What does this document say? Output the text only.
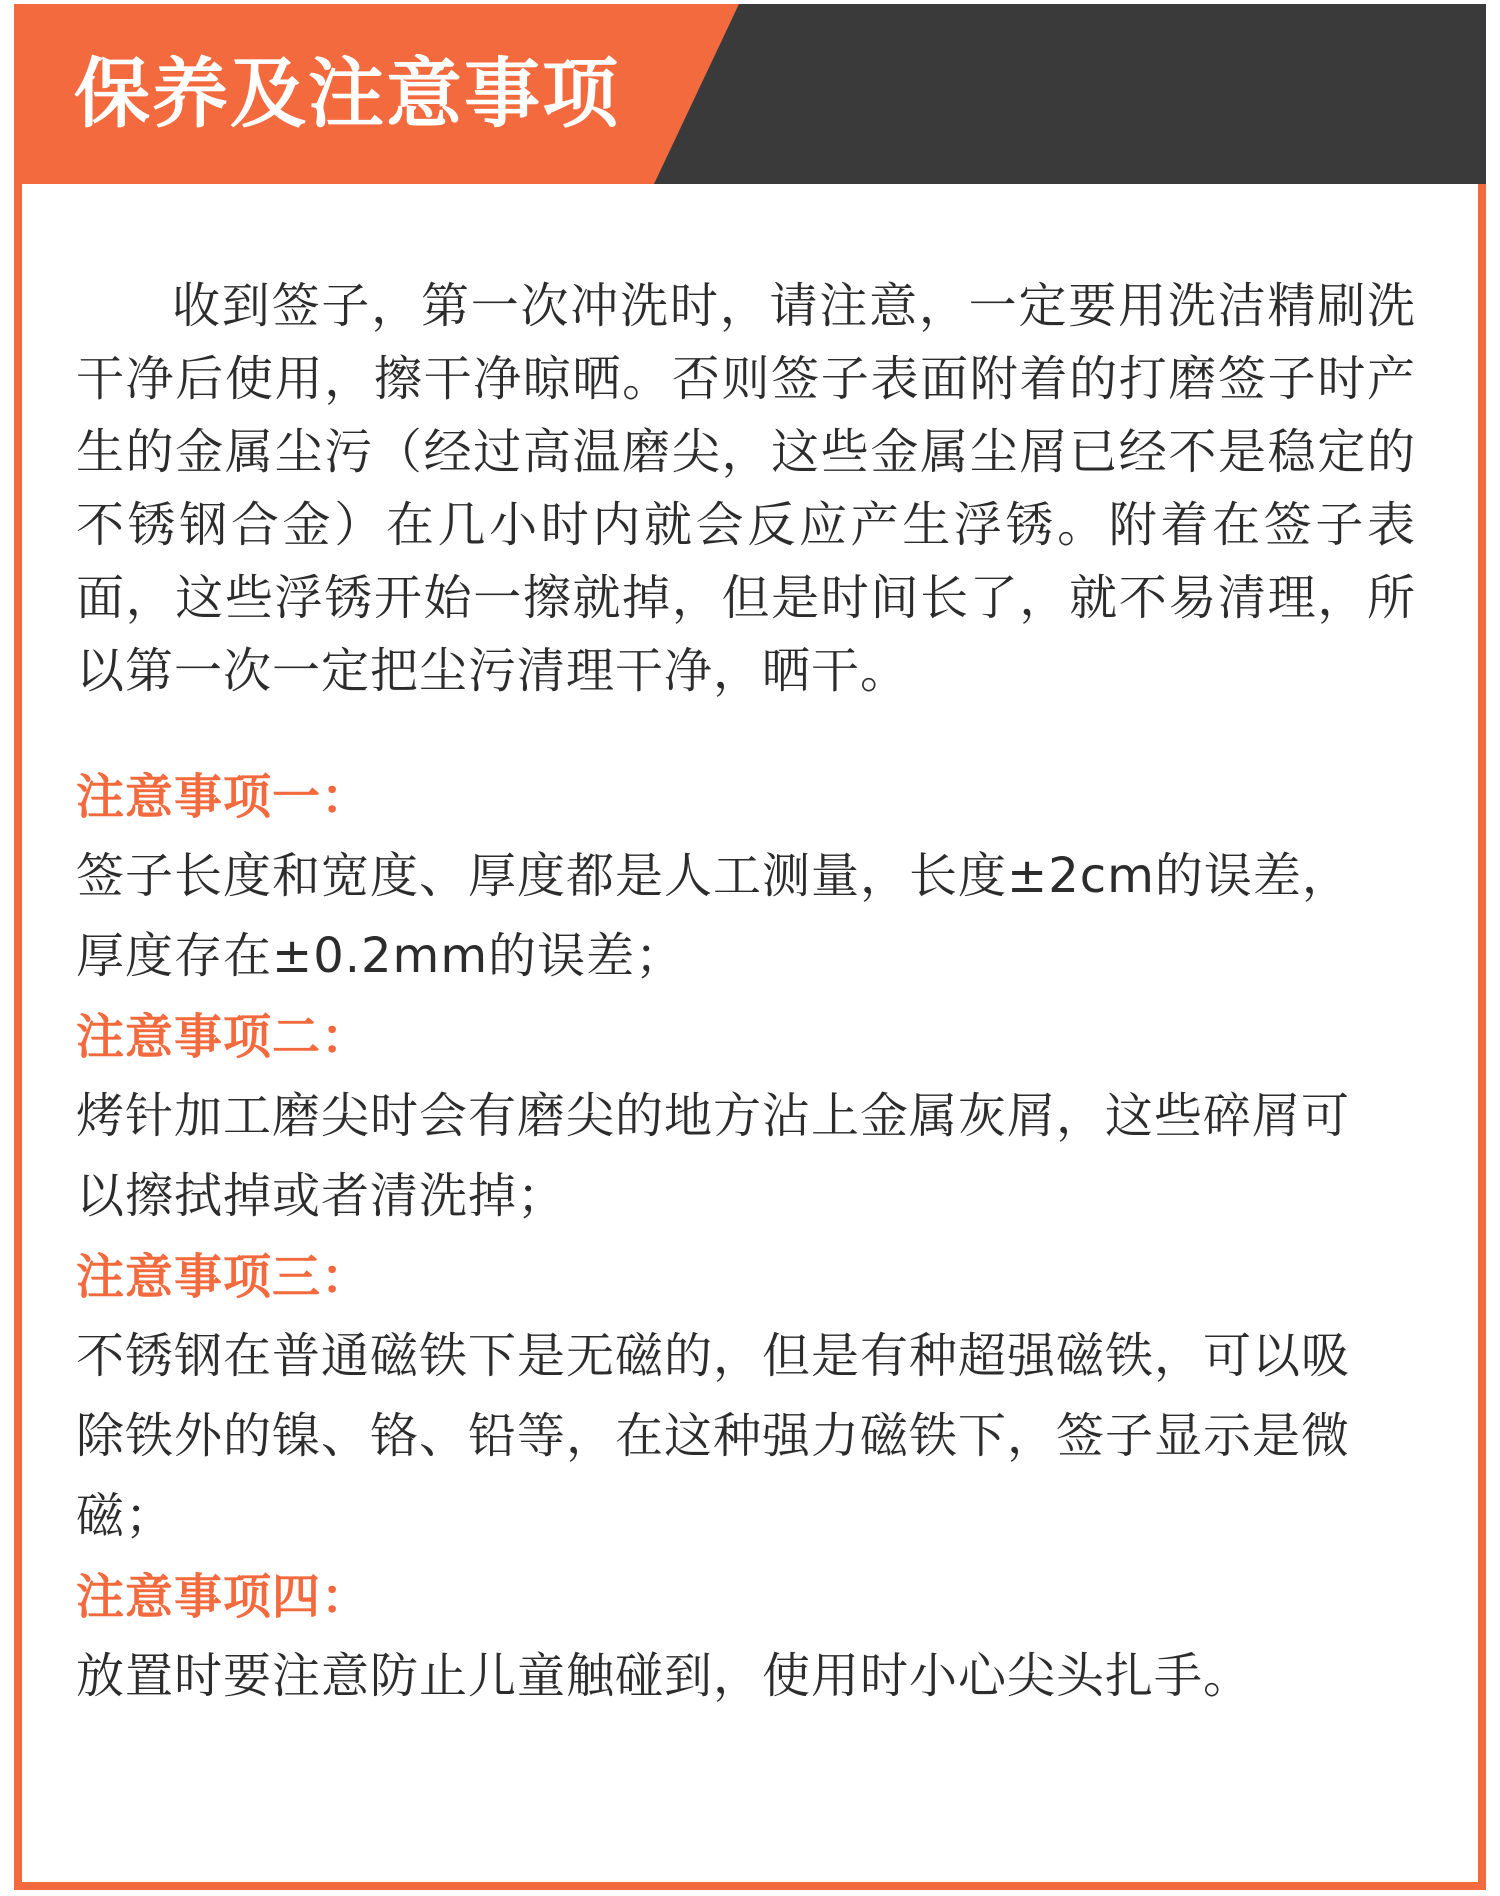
保养及注意事项

收到签子，第一次冲洗时，请注意，一定要用洗洁精刷洗干净后使用，擦干净晾晒。否则签子表面附着的打磨签子时产生的金属尘污（经过高温磨尖，这些金属尘屑已经不是稳定的不锈钢合金）在几小时内就会反应产生浮锈。附着在签子表面，这些浮锈开始一擦就掉，但是时间长了，就不易清理，所以第一次一定把尘污清理干净，晒干。

注意事项一：

签子长度和宽度、厚度都是人工测量，长度±2cm的误差，厚度存在±0.2mm的误差；

注意事项二：

烤针加工磨尖时会有磨尖的地方沾上金属灰屑，这些碎屑可以擦拭掉或者清洗掉；

注意事项三：

不锈钢在普通磁铁下是无磁的，但是有种超强磁铁，可以吸除铁外的镍、铬、铅等，在这种强力磁铁下，签子显示是微磁；

注意事项四：

放置时要注意防止儿童触碰到，使用时小心尖头扎手。
